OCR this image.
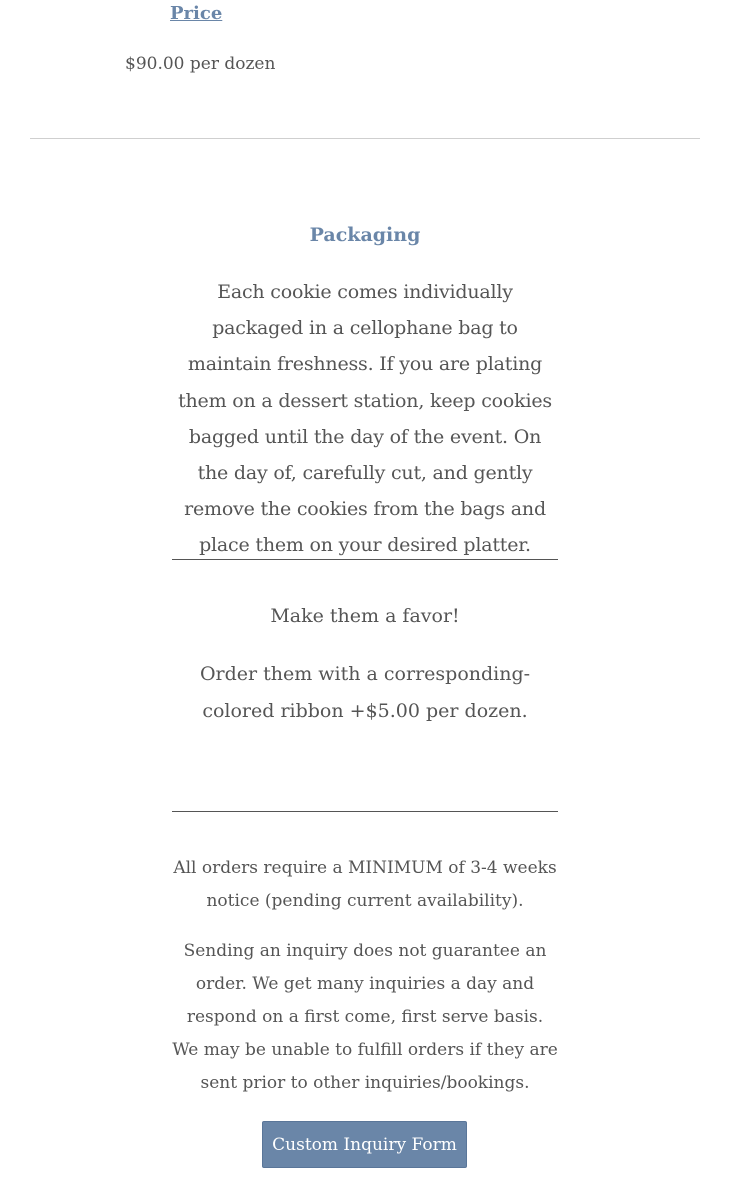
Price
$90.00 per dozen
Packaging
Each cookie comes individually packaged in a cellophane bag to maintain freshness. If you are plating them on a dessert station, keep cookies bagged until the day of the event. On the day of, carefully cut, and gently remove the cookies from the bags and place them on your desired platter.
Make them a favor!
Order them with a corresponding-colored ribbon +$5.00 per dozen.
All orders require a MINIMUM of 3-4 weeks notice (pending current availability).
Sending an inquiry does not guarantee an order. We get many inquiries a day and respond on a first come, first serve basis. We may be unable to fulfill orders if they are sent prior to other inquiries/bookings.
Custom Inquiry Form
